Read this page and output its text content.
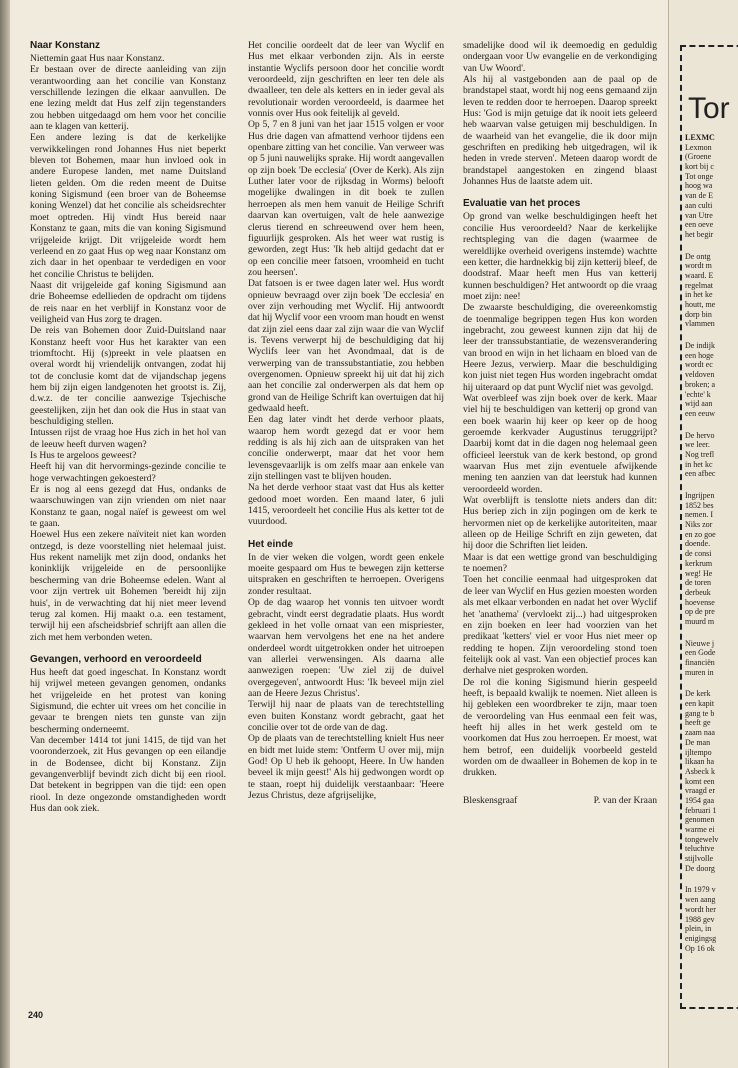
Naar Konstanz

Niettemin gaat Hus naar Konstanz.

Er bestaan over de directe aanleiding van zijn verantwoording aan het concilie van Konstanz verschillende lezingen die elkaar aanvullen. De ene lezing meldt dat Hus zelf zijn tegenstanders zou hebben uitgedaagd om hem voor het concilie aan te klagen van ketterij.

Een andere lezing is dat de kerkelijke verwikkelingen rond Johannes Hus niet beperkt bleven tot Bohemen, maar hun invloed ook in andere Europese landen, met name Duitsland lieten gelden. Om die reden meent de Duitse koning Sigismund (een broer van de Boheemse koning Wenzel) dat het concilie als scheidsrechter moet optreden. Hij vindt Hus bereid naar Konstanz te gaan, mits die van koning Sigismund vrijgeleide krijgt. Dit vrijgeleide wordt hem verleend en zo gaat Hus op weg naar Konstanz om zich daar in het openbaar te verdedigen en voor het concilie Christus te belijden.

Naast dit vrijgeleide gaf koning Sigismund aan drie Boheemse edellieden de opdracht om tijdens de reis naar en het verblijf in Konstanz voor de veiligheid van Hus zorg te dragen.

De reis van Bohemen door Zuid-Duitsland naar Konstanz heeft voor Hus het karakter van een triomftocht. Hij (s)preekt in vele plaatsen en overal wordt hij vriendelijk ontvangen, zodat hij tot de conclusie komt dat de vijandschap jegens hem bij zijn eigen landgenoten het grootst is. Zij, d.w.z. de ter concilie aanwezige Tsjechische geestelijken, zijn het dan ook die Hus in staat van beschuldiging stellen.

Intussen rijst de vraag hoe Hus zich in het hol van de leeuw heeft durven wagen?

Is Hus te argeloos geweest?

Heeft hij van dit hervormings-gezinde concilie te hoge verwachtingen gekoesterd?

Er is nog al eens gezegd dat Hus, ondanks de waarschuwingen van zijn vrienden om niet naar Konstanz te gaan, nogal naïef is geweest om wel te gaan.

Hoewel Hus een zekere naïviteit niet kan worden ontzegd, is deze voorstelling niet helemaal juist. Hus rekent namelijk met zijn dood, ondanks het koninklijk vrijgeleide en de persoonlijke bescherming van drie Boheemse edelen. Want al voor zijn vertrek uit Bohemen 'bereidt hij zijn huis', in de verwachting dat hij niet meer levend terug zal komen. Hij maakt o.a. een testament, terwijl hij een afscheidsbrief schrijft aan allen die zich met hem verbonden weten.

Gevangen, verhoord en veroordeeld

Hus heeft dat goed ingeschat. In Konstanz wordt hij vrijwel meteen gevangen genomen, ondanks het vrijgeleide en het protest van koning Sigismund, die echter uit vrees om het concilie in gevaar te brengen niets ten gunste van zijn bescherming onderneemt.

Van december 1414 tot juni 1415, de tijd van het vooronderzoek, zit Hus gevangen op een eilandje in de Bodensee, dicht bij Konstanz. Zijn gevangenverblijf bevindt zich dicht bij een riool. Dat betekent in begrippen van die tijd: een open riool. In deze ongezonde omstandigheden wordt Hus dan ook ziek.

Het concilie oordeelt dat de leer van Wyclif en Hus met elkaar verbonden zijn. Als in eerste instantie Wyclifs persoon door het concilie wordt veroordeeld, zijn geschriften en leer ten dele als dwaalleer, ten dele als ketters en in ieder geval als revolutionair worden veroordeeld, is daarmee het vonnis over Hus ook feitelijk al geveld.

Op 5, 7 en 8 juni van het jaar 1515 volgen er voor Hus drie dagen van afmattend verhoor tijdens een openbare zitting van het concilie. Van verweer was op 5 juni nauwelijks sprake. Hij wordt aangevallen op zijn boek 'De ecclesia' (Over de Kerk). Als zijn Luther later voor de rijksdag in Worms) belooft mogelijke dwalingen in dit boek te zullen herroepen als men hem vanuit de Heilige Schrift daarvan kan overtuigen, valt de hele aanwezige clerus tierend en schreeuwend over hem heen, figuurlijk gesproken. Als het weer wat rustig is geworden, zegt Hus: 'Ik heb altijd gedacht dat er op een concilie meer fatsoen, vroomheid en tucht zou heersen'.

Dat fatsoen is er twee dagen later wel. Hus wordt opnieuw bevraagd over zijn boek 'De ecclesia' en over zijn verhouding met Wyclif. Hij antwoordt dat hij Wyclif voor een vroom man houdt en wenst dat zijn ziel eens daar zal zijn waar die van Wyclif is. Tevens verwerpt hij de beschuldiging dat hij Wyclifs leer van het Avondmaal, dat is de verwerping van de transsubstantiatie, zou hebben overgenomen. Opnieuw spreekt hij uit dat hij zich aan het concilie zal onderwerpen als dat hem op grond van de Heilige Schrift kan overtuigen dat hij gedwaald heeft.

Een dag later vindt het derde verhoor plaats, waarop hem wordt gezegd dat er voor hem redding is als hij zich aan de uitspraken van het concilie onderwerpt, maar dat het voor hem levensgevaarlijk is om zelfs maar aan enkele van zijn stellingen vast te blijven houden.

Na het derde verhoor staat vast dat Hus als ketter gedood moet worden. Een maand later, 6 juli 1415, veroordeelt het concilie Hus als ketter tot de vuurdood.

Het einde

In de vier weken die volgen, wordt geen enkele moeite gespaard om Hus te bewegen zijn ketterse uitspraken en geschriften te herroepen. Overigens zonder resultaat.

Op de dag waarop het vonnis ten uitvoer wordt gebracht, vindt eerst degradatie plaats. Hus wordt gekleed in het volle ornaat van een mispriester, waarvan hem vervolgens het ene na het andere onderdeel wordt uitgetrokken onder het uitroepen van allerlei verwensingen. Als daarna alle aanwezigen roepen: 'Uw ziel zij de duivel overgegeven', antwoordt Hus: 'Ik beveel mijn ziel aan de Heere Jezus Christus'.

Terwijl hij naar de plaats van de terechtstelling even buiten Konstanz wordt gebracht, gaat het concilie over tot de orde van de dag.

Op de plaats van de terechtstelling knielt Hus neer en bidt met luide stem: 'Ontferm U over mij, mijn God! Op U heb ik gehoopt, Heere. In Uw handen beveel ik mijn geest!' Als hij gedwongen wordt op te staan, roept hij duidelijk verstaanbaar: 'Heere Jezus Christus, deze afgrijselijke,

smadelijke dood wil ik deemoedig en geduldig ondergaan voor Uw evangelie en de verkondiging van Uw Woord'.

Als hij al vastgebonden aan de paal op de brandstapel staat, wordt hij nog eens gemaand zijn leven te redden door te herroepen. Daarop spreekt Hus: 'God is mijn getuige dat ik nooit iets geleerd heb waarvan valse getuigen mij beschuldigen. In de waarheid van het evangelie, die ik door mijn geschriften en prediking heb uitgedragen, wil ik heden in vrede sterven'. Meteen daarop wordt de brandstapel aangestoken en zingend blaast Johannes Hus de laatste adem uit.

Evaluatie van het proces

Op grond van welke beschuldigingen heeft het concilie Hus veroordeeld? Naar de kerkelijke rechtspleging van die dagen (waarmee de wereldlijke overheid overigens instemde) wachtte een ketter, die hardnekkig bij zijn ketterij bleef, de doodstraf. Maar heeft men Hus van ketterij kunnen beschuldigen? Het antwoordt op die vraag moet zijn: nee!

De zwaarste beschuldiging, die overeenkomstig de toenmalige begrippen tegen Hus kon worden ingebracht, zou geweest kunnen zijn dat hij de leer der transsubstantiatie, de wezensverandering van brood en wijn in het lichaam en bloed van de Heere Jezus, verwierp. Maar die beschuldiging kon juist niet tegen Hus worden ingebracht omdat hij uiteraard op dat punt Wyclif niet was gevolgd.

Wat overbleef was zijn boek over de kerk. Maar viel hij te beschuldigen van ketterij op grond van een boek waarin hij keer op keer op de hoog geroemde kerkvader Augustinus teruggrijpt? Daarbij komt dat in die dagen nog helemaal geen officieel leerstuk van de kerk bestond, op grond waarvan Hus met zijn eventuele afwijkende mening ten aanzien van dat leerstuk had kunnen veroordeeld worden.

Wat overblijft is tenslotte niets anders dan dit: Hus beriep zich in zijn pogingen om de kerk te hervormen niet op de kerkelijke autoriteiten, maar alleen op de Heilige Schrift en zijn geweten, dat hij door die Schriften liet leiden.

Maar is dat een wettige grond van beschuldiging te noemen?

Toen het concilie eenmaal had uitgesproken dat de leer van Wyclif en Hus gezien moesten worden als met elkaar verbonden en nadat het over Wyclif het 'anathema' (vervloekt zij...) had uitgesproken en zijn boeken en leer had voorzien van het predikaat 'ketters' viel er voor Hus niet meer op redding te hopen. Zijn veroordeling stond toen feitelijk ook al vast. Van een objectief proces kan derhalve niet gesproken worden.

De rol die koning Sigismund hierin gespeeld heeft, is bepaald kwalijk te noemen. Niet alleen is hij gebleken een woordbreker te zijn, maar toen de veroordeling van Hus eenmaal een feit was, heeft hij alles in het werk gesteld om te voorkomen dat Hus zou herroepen. Er moest, wat hem betrof, een duidelijk voorbeeld gesteld worden om de dwaalleer in Bohemen de kop in te drukken.

Bleskensgraaf	P. van der Kraan
240
Tor
LEXMC
Lexmon
(Groene
kort bij c
Tot onge
hoog wa
van de E
aan culti
van Utre
een oeve
het begir
De ontg
wordt m
waard. E
regelmat
in het ke
houtt, me
dorp bin
vlammen
De indijk
een hoge
wordt ec
veldoven
broken; a
'echte' k
wijd aan
een eeuw
De hervo
we leer.
Nog trefl
in het kc
een afbec
Ingrijpen
1852 bes
nemen. I
Niks zor
en zo goe
doende.
de consi
kerkrum
weg! He
de toren
derbeuk
hoevense
op de pre
muurd m
Nieuwe j
een Gode
financiën
muren in
De kerk
een kapit
gang te b
heeft ge
zaam naa
De man
ijltempo
likaan ha
Asbeck k
komt een
vraagd er
1954 gaa
februari 1
genomen
warme ei
tongewelv
teluchtve
stijlvolle
De doorg
In 1979 v
wen aang
wordt her
1988 gev
plein, in
enigingsg
Op 16 ok
